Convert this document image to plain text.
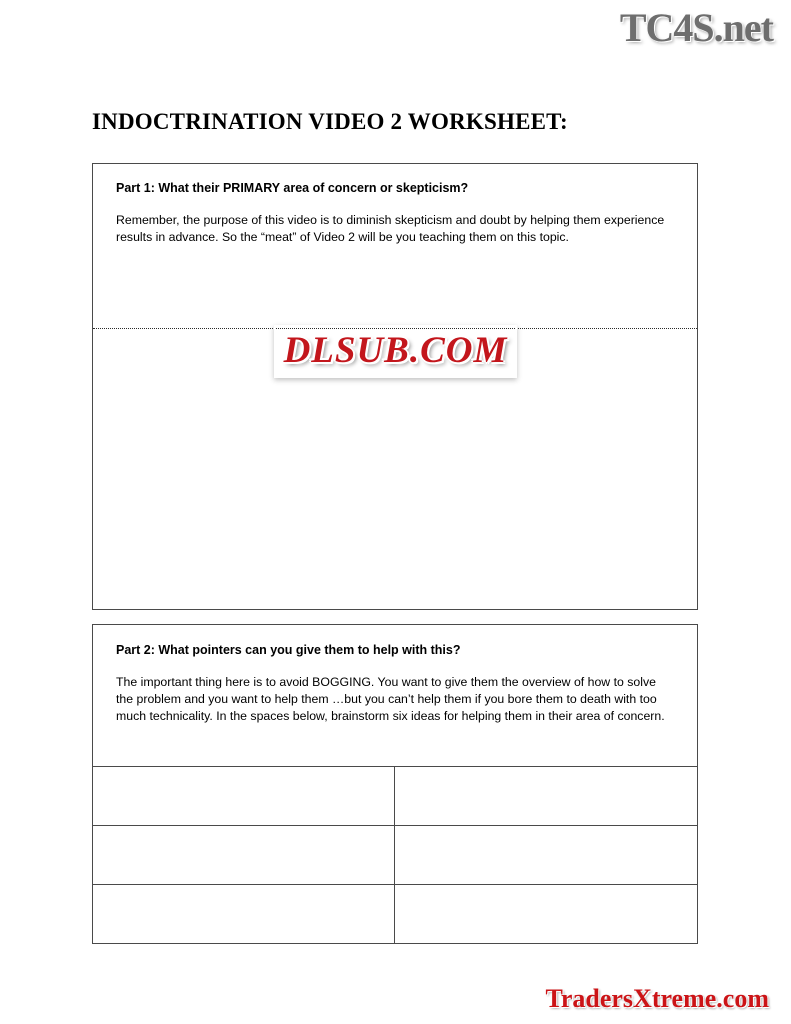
TC4S.net
INDOCTRINATION VIDEO 2 WORKSHEET:

Part 1: What their PRIMARY area of concern or skepticism?

Remember, the purpose of this video is to diminish skepticism and doubt by helping them experience results in advance. So the “meat” of Video 2 will be you teaching them on this topic.

DLSUB.COM

Part 2: What pointers can you give them to help with this?

The important thing here is to avoid BOGGING. You want to give them the overview of how to solve the problem and you want to help them …but you can’t help them if you bore them to death with too much technicality. In the spaces below, brainstorm six ideas for helping them in their area of concern.

TradersXtreme.com
